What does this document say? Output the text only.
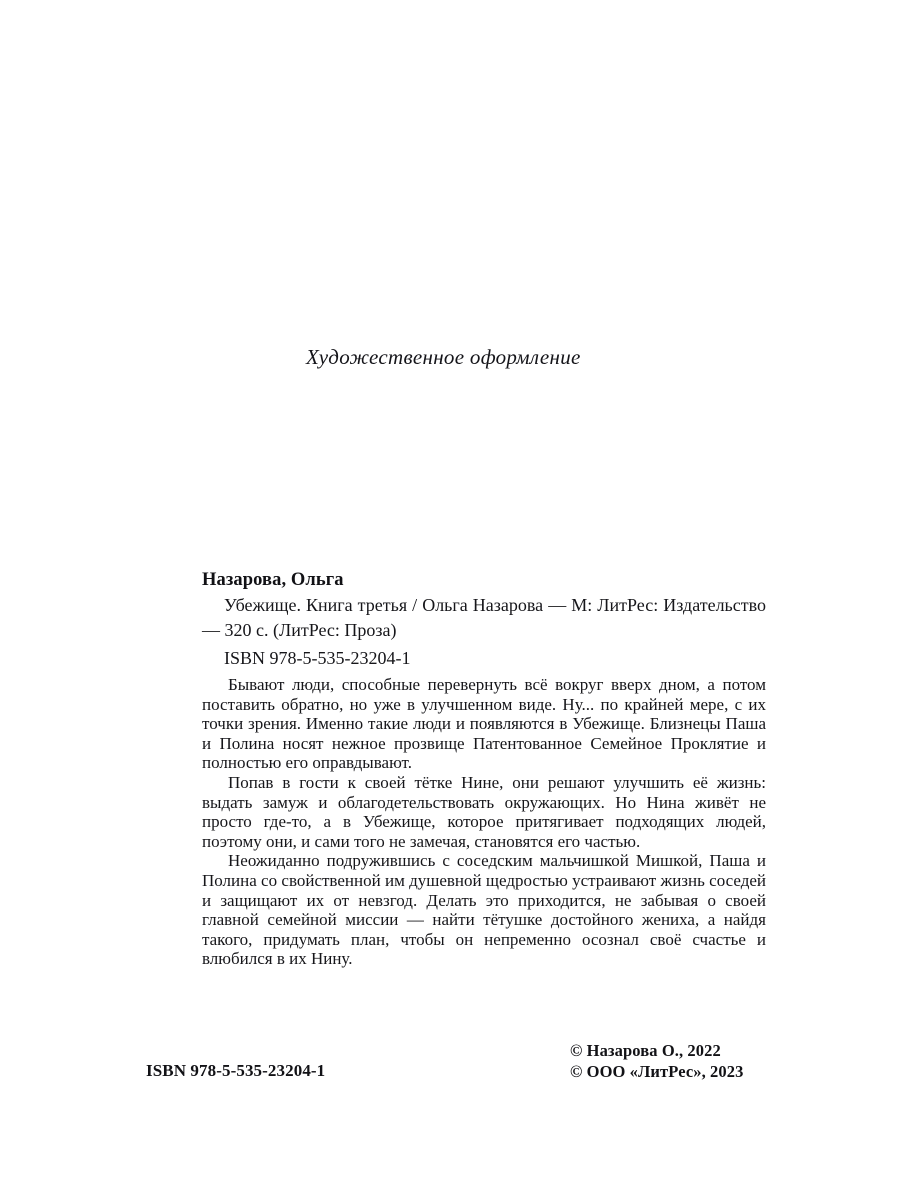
Художественное оформление
Назарова, Ольга
Убежище. Книга третья / Ольга Назарова — М: ЛитРес: Издательство — 320 с. (ЛитРес: Проза)
ISBN 978-5-535-23204-1

Бывают люди, способные перевернуть всё вокруг вверх дном, а потом поставить обратно, но уже в улучшенном виде. Ну... по крайней мере, с их точки зрения. Именно такие люди и появляются в Убежище. Близнецы Паша и Полина носят нежное прозвище Патентованное Семейное Проклятие и полностью его оправдывают.

Попав в гости к своей тётке Нине, они решают улучшить её жизнь: выдать замуж и облагодетельствовать окружающих. Но Нина живёт не просто где-то, а в Убежище, которое притягивает подходящих людей, поэтому они, и сами того не замечая, становятся его частью.

Неожиданно подружившись с соседским мальчишкой Мишкой, Паша и Полина со свойственной им душевной щедростью устраивают жизнь соседей и защищают их от невзгод. Делать это приходится, не забывая о своей главной семейной миссии — найти тётушке достойного жениха, а найдя такого, придумать план, чтобы он непременно осознал своё счастье и влюбился в их Нину.

ISBN 978-5-535-23204-1
© Назарова О., 2022
© ООО «ЛитРес», 2023
